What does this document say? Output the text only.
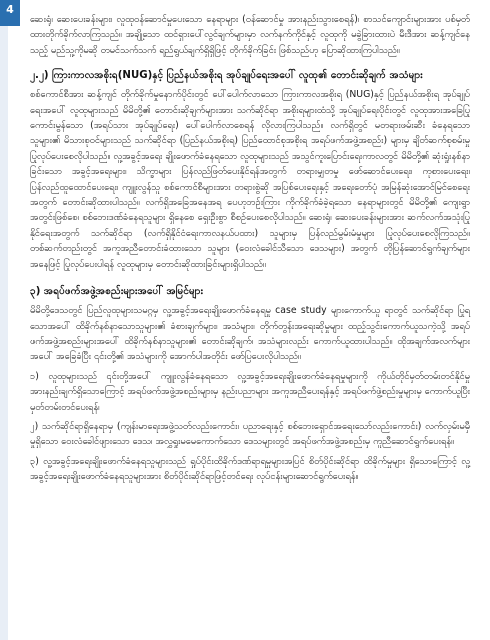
4

ဆေးရုံ၊ ဆေးပေးခန်းများ၊ လူထုဝန်ဆောင်မှုပေးသော နေရာများ (ဝန်ဆောင်မှု အားနည်းသွားစေရန်)၊ စာသင်ကျောင်းများအား ပစ်မှတ်ထားတိုက်ခိုက်လာကြသည်။ အချို့သော ထင်ရှားပေါ်လွင်ချက်များမှာ လက်နက်ကိုင်နှင့် လူထုကို မခွဲခြားထားပဲ မီးဒီအား ဆန့်ကျင်နေသည့် မည်သူ့ကိုမဆို တမင်သက်သက် ရည်ရွယ်ချက်ရှိရှိဖြင့် တိုက်ခိုက်ခြင်း ဖြစ်သည်ဟု ပြောဆိုထားကြပါသည်။

၂.၂) ကြားကာလအစိုးရ(NUG)နှင့် ပြည်နယ်အစိုးရ အုပ်ချုပ်ရေးအပေါ် လူထု၏ တောင်းဆိုချက် အသံများ

စစ်ကောင်စီအား ဆန့်ကျင် တိုက်ခိုက်မှုနောက်ပိုင်းတွင် ပေါ်ပေါက်လာသော ကြားကာလအစိုးရ (NUG)နှင့် ပြည်နယ်အစိုးရ အုပ်ချုပ်ရေးအပေါ် လူထုများသည် မိမိတို့၏ တောင်းဆိုချက်များအား သက်ဆိုင်ရာ အစိုးရများထံသို့ အုပ်ချုပ်ရေးပိုင်းတွင် လူထုအားအခြေပြု ကောင်းမွန်သော (အရပ်သား အုပ်ချုပ်ရေး) ပေါ်ပေါက်လာစေရန် လိုလားကြပါသည်။ လက်ရှိတွင် မတရားဖမ်းဆီး ခံနေရသော သူများ၏ မိသားစုဝင်များသည် သက်ဆိုင်ရာ (ပြည်နယ်အစိုးရ) ပြည်ထောင်စုအစိုးရ အရပ်ဖက်အဖွဲ့အစည်း) များမှ ချိတ်ဆက်စုစမ်းမှု ပြုလုပ်ပေးစေလိုပါသည်။ လူ့အခွင့်အရေး ချိုးဖောက်ခံနေရသော လူထုများသည် အသွင်ကူးပြောင်းရေးကာလတွင် မိမိတို့၏ ဆုံးရှုံးနစ်နာခြင်းသော အခွင့်အရေးများ၊ သိက္ခာများ ပြန်လည်ဖြတ်ပေးနိုင်ရန်အတွက် တရားမျှတမှု ဖော်ဆောင်ပေးရေး၊ ကုစားပေးရေး၊ ပြန်လည်ထူထောင်ပေးရေး၊ ကျူးလွန်သူ စစ်ကောင်စီများအား တရားစွဲဆို အပြစ်ပေးရေးနှင့် အရေးတော်ပုံ အမြန်ဆုံးအောင်မြင်စေရေးအတွက် တောင်းဆိုထားပါသည်။ လက်ရှိအခြေအနေအရ ပေဟုဘဉ်းကြား ကိုက်ခိုက်ခံခဲ့ရသော နေရာများတွင် မိမိတို့၏ ကျေးရွာအတွင်းဖြစ်စေ၊ စစ်ဘေးဒဏ်ခံနေရသူများ ရှိနေစေ ရှေးဦးစွာ စီစဉ်ပေးစေလိုပါသည်။ ဆေးရုံ၊ ဆေးပေးခန်းများအား ဆက်လက်အသုံးပြုနိုင်ရေးအတွက် သက်ဆိုင်ရာ (လက်ရှိနိုင်ငံရေးကာလနယ်ပထား) သူများမှ ပြန်လည်မွမ်းမံမှုများ ပြုလုပ်ပေးစေလိုကြသည်။ တစ်ဆက်တည်းတွင် အကူအညီတောင်းခံထားသော သူများ (ဝေးလံခေါင်သီသော ဒေသများ) အတွက် တိုပြန်ဆောင်ရွက်ချက်များအနေဖြင့် ပြုလုပ်ပေးပါရန် လူထုများမှ တောင်းဆိုထားခြင်းများရှိပါသည်။

၃) အရပ်ဖက်အဖွဲ့အစည်းများအပေါ် အမြင်များ

မိမိတို့ဒေသတွင် ပြည်လူထုများသမဂ္ဂမှ လူ့အခွင့်အရေးချိုးဖောက်ခံနေရမှု case study များကောက်ယူ ရာတွင် သက်ဆိုင်ရာ ပြုရသောအပေါ် ထိခိုက်နစ်နာသောသူများ၏ ခံစားချက်များ၊ အသံများ၊ တိုက်တွန်းအရေးဆိုမှုများ ထည့်သွင်းကောက်ယူသကဲ့သို့ အရပ်ဖက်အဖွဲ့အစည်းများအပေါ် ထိခိုက်နစ်နာသူများ၏ တောင်းဆိုချက်၊ အသံများလည်း ကောက်ယူထားပါသည်။ ထိုအချက်အလက်များအပေါ် အခြေခံပြီး ၎င်းတို့၏ အသံများကို အောက်ပါအတိုင်း ဖော်ပြပေးလိုပါသည်။

၁) လူထုများသည် ၎င်းတို့အပေါ် ကျူးလွန်ခံနေရသော လူ့အခွင့်အရေးချိုးဖောက်ခံနေရမှုများကို ကိုယ်တိုင်မှတ်တမ်းတင်နိုင်မှုအားနည်းချက်ရှိသောကြောင့် အရပ်ဖက်အဖွဲ့အစည်းများမှ နည်းပညာများ အကူအညီပေးရန်နှင့် အရပ်ဖက်ဖွဲ့စည်းမှုများမှ ကောက်ယူပြီး မှတ်တမ်းတင်ပေးရန်၊

၂) သက်ဆိုင်ရာရှိနေရာမှ (ကျန်းမာရေးအဖွဲ့သတ်လည်းကောင်း၊ ပညာရေးနှင့် စစ်ဘေးရှောင်အရေးသော်လည်းကောင်း) လက်လှမ်းမမှီမှုရှိသော ဝေးလံခေါင်ဖျားသော ဒေသ၊ အလွှရှုးမမေကောက်သော ဒေသများတွင် အရပ်ဖက်အဖွဲ့အစည်းမှ ကူညီဆောင်ရွက်ပေးရန်။

၃) လူ့အခွင့်အရေးချိုးဖောက်ခံနေရသူများသည် ရှုပ်ပိုင်းထိခိုက်ဒဏ်ရာရမှုများအပြင် စိတ်ပိုင်းဆိုင်ရာ ထိခိုက်မှုများ ရှိသောကြောင့် လူ့အခွင့်အရေးချိုးဖောက်ခံနေရသူများအား စိတ်ပိုင်းဆိုင်ရာဖြင့်တင်ရေး လုပ်ငန်းများဆောင်ရွက်ပေးရန်။
